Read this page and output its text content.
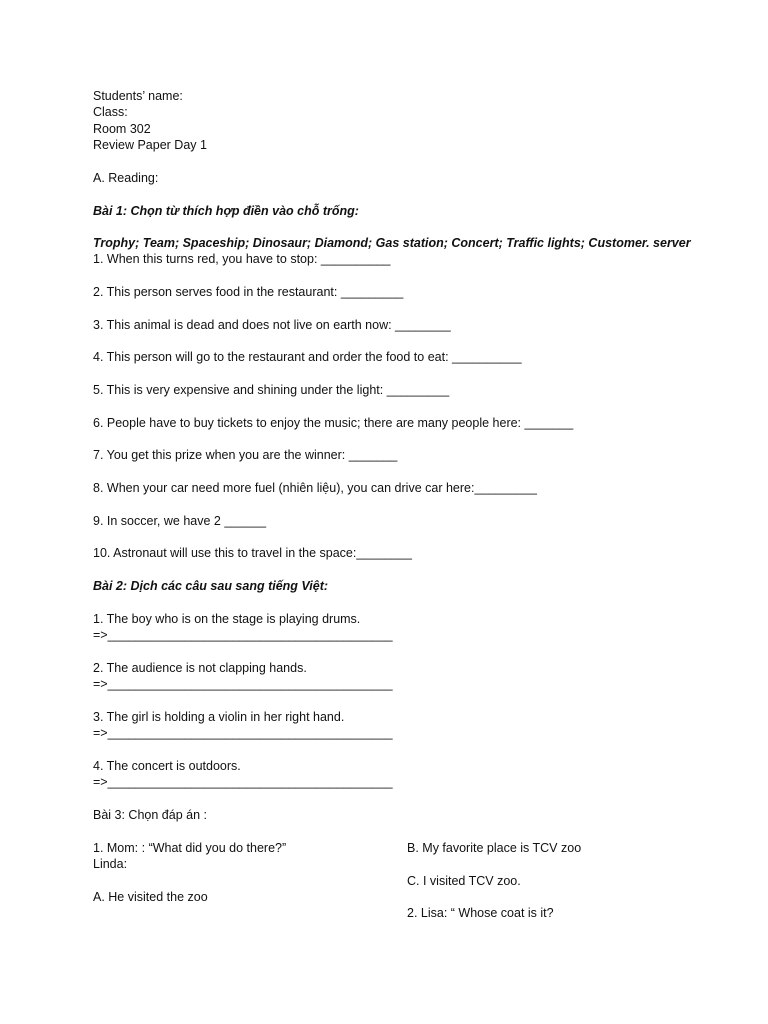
Students’ name:
Class:
Room 302
Review Paper Day 1
A. Reading:
Bài 1: Chọn từ thích hợp điền vào chỗ trống:
Trophy; Team; Spaceship; Dinosaur; Diamond; Gas station; Concert; Traffic lights; Customer. server
1. When this turns red, you have to stop: __________
2. This person serves food in the restaurant: _________
3. This animal is dead and does not live on earth now: ________
4. This person will go to the restaurant and order the food to eat: __________
5. This is very expensive and shining under the light: _________
6. People have to buy tickets to enjoy the music; there are many people here: _______
7. You get this prize when you are the winner: _______
8. When your car need more fuel (nhiên liệu), you can drive car here:_________
9. In soccer, we have 2 ______
10. Astronaut will use this to travel in the space:________
Bài 2: Dịch các câu sau sang tiếng Việt:
1. The boy who is on the stage is playing drums.
=>_________________________________________
2. The audience is not clapping hands.
=>_________________________________________
3. The girl is holding a violin in her right hand.
=>_________________________________________
4. The concert is outdoors.
=>_________________________________________
Bài 3: Chọn đáp án :
1. Mom: : “What did you do there?”
Linda:
A. He visited the zoo
B. My favorite place is TCV zoo
C. I visited TCV zoo.
2. Lisa: “ Whose coat is it?
